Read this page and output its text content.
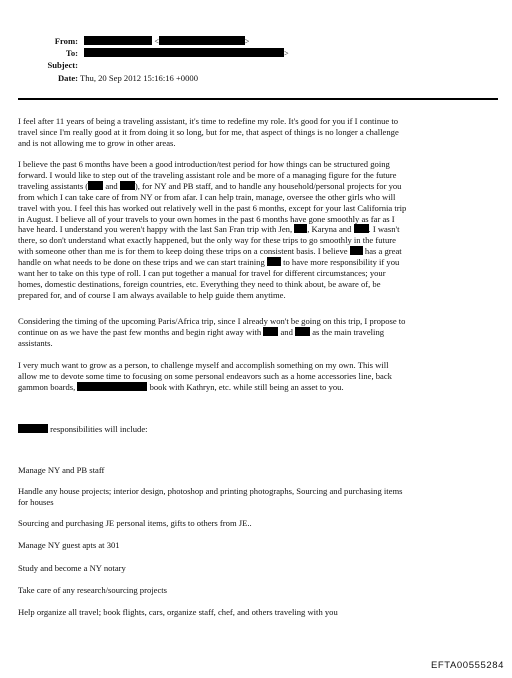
From:	<	>
To:	>
Subject:
Date: Thu, 20 Sep 2012 15:16:16 +0000
I feel after 11 years of being a traveling assistant, it's time to redefine my role. It's good for you if I continue to
travel since I'm really good at it from doing it so long, but for me, that aspect of things is no longer a challenge
and is not allowing me to grow in other areas.
I believe the past 6 months have been a good introduction/test period for how things can be structured going
forward. I would like to step out of the traveling assistant role and be more of a managing figure for the future
traveling assistants ( and ), for NY and PB staff, and to handle any household/personal projects for you
from which I can take care of from NY or from afar. I can help train, manage, oversee the other girls who will
travel with you. I feel this has worked out relatively well in the past 6 months, except for your last California trip
in August. I believe all of your travels to your own homes in the past 6 months have gone smoothly as far as I
have heard. I understand you weren't happy with the last San Fran trip with Jen, , Karyna and . I wasn't
there, so don't understand what exactly happened, but the only way for these trips to go smoothly in the future
with someone other than me is for them to keep doing these trips on a consistent basis. I believe  has a great
handle on what needs to be done on these trips and we can start training  to have more responsibility if you
want her to take on this type of roll. I can put together a manual for travel for different circumstances; your
homes, domestic destinations, foreign countries, etc. Everything they need to think about, be aware of, be
prepared for, and of course I am always available to help guide them anytime.
Considering the timing of the upcoming Paris/Africa trip, since I already won't be going on this trip, I propose to
continue on as we have the past few months and begin right away with  and  as the main traveling
assistants.
I very much want to grow as a person, to challenge myself and accomplish something on my own. This will
allow me to devote some time to focusing on some personal endeavors such as a home accessories line, back
gammon boards,	book with Kathryn, etc. while still being an asset to you.
responsibilities will include:
Manage NY and PB staff
Handle any house projects; interior design, photoshop and printing photographs, Sourcing and purchasing items
for houses
Sourcing and purchasing JE personal items, gifts to others from JE..
Manage NY guest apts at 301
Study and become a NY notary
Take care of any research/sourcing projects
Help organize all travel; book flights, cars, organize staff, chef, and others traveling with you
EFTA00555284
